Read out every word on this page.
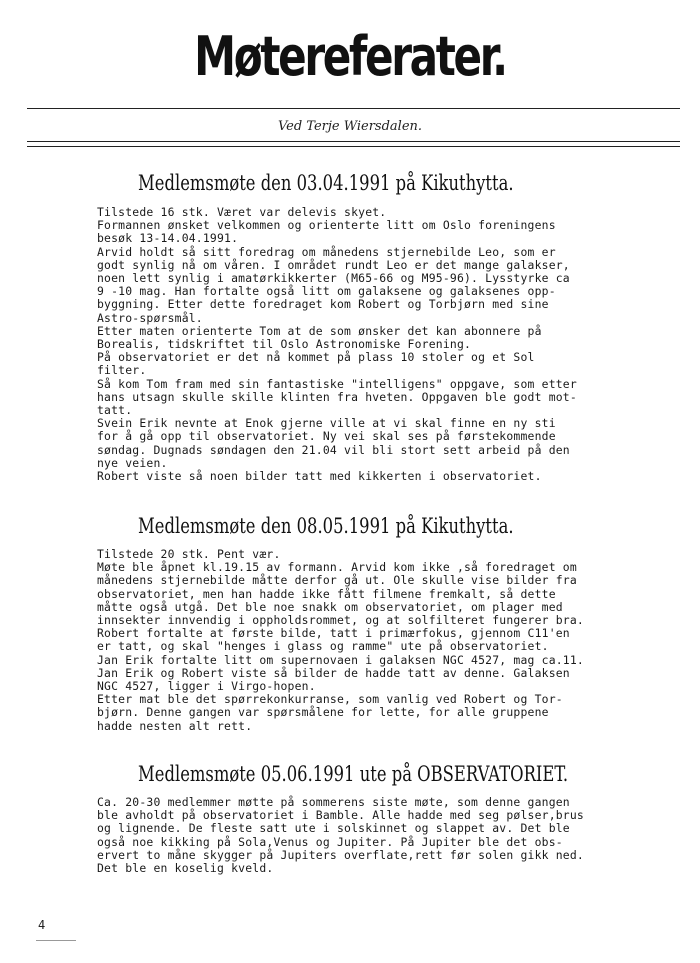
Møtereferater.
Ved Terje Wiersdalen.
Medlemsmøte den 03.04.1991 på Kikuthytta.
Tilstede 16 stk. Været var delevis skyet.
Formannen ønsket velkommen og orienterte litt om Oslo foreningens
besøk 13-14.04.1991.
Arvid holdt så sitt foredrag om månedens stjernebilde Leo, som er
godt synlig nå om våren. I området rundt Leo er det mange galakser,
noen lett synlig i amatørkikkerter (M65-66 og M95-96). Lysstyrke ca
9 -10 mag. Han fortalte også litt om galaksene og galaksenes opp-
byggning. Etter dette foredraget kom Robert og Torbjørn med sine
Astro-spørsmål.
Etter maten orienterte Tom at de som ønsker det kan abonnere på
Borealis, tidskriftet til Oslo Astronomiske Forening.
På observatoriet er det nå kommet på plass 10 stoler og et Sol
filter.
Så kom Tom fram med sin fantastiske "intelligens" oppgave, som etter
hans utsagn skulle skille klinten fra hveten. Oppgaven ble godt mot-
tatt.
Svein Erik nevnte at Enok gjerne ville at vi skal finne en ny sti
for å gå opp til observatoriet. Ny vei skal ses på førstekommende
søndag. Dugnads søndagen den 21.04 vil bli stort sett arbeid på den
nye veien.
Robert viste så noen bilder tatt med kikkerten i observatoriet.
Medlemsmøte den 08.05.1991 på Kikuthytta.
Tilstede 20 stk. Pent vær.
Møte ble åpnet kl.19.15 av formann. Arvid kom ikke ,så foredraget om
månedens stjernebilde måtte derfor gå ut. Ole skulle vise bilder fra
observatoriet, men han hadde ikke fått filmene fremkalt, så dette
måtte også utgå. Det ble noe snakk om observatoriet, om plager med
innsekter innvendig i oppholdsrommet, og at solfilteret fungerer bra.
Robert fortalte at første bilde, tatt i primærfokus, gjennom C11'en
er tatt, og skal "henges i glass og ramme" ute på observatoriet.
Jan Erik fortalte litt om supernovaen i galaksen NGC 4527, mag ca.11.
Jan Erik og Robert viste så bilder de hadde tatt av denne. Galaksen
NGC 4527, ligger i Virgo-hopen.
Etter mat ble det spørrekonkurranse, som vanlig ved Robert og Tor-
bjørn. Denne gangen var spørsmålene for lette, for alle gruppene
hadde nesten alt rett.
Medlemsmøte 05.06.1991 ute på OBSERVATORIET.
Ca. 20-30 medlemmer møtte på sommerens siste møte, som denne gangen
ble avholdt på observatoriet i Bamble. Alle hadde med seg pølser,brus
og lignende. De fleste satt ute i solskinnet og slappet av. Det ble
også noe kikking på Sola,Venus og Jupiter. På Jupiter ble det obs-
ervert to måne skygger på Jupiters overflate,rett før solen gikk ned.
Det ble en koselig kveld.
4
